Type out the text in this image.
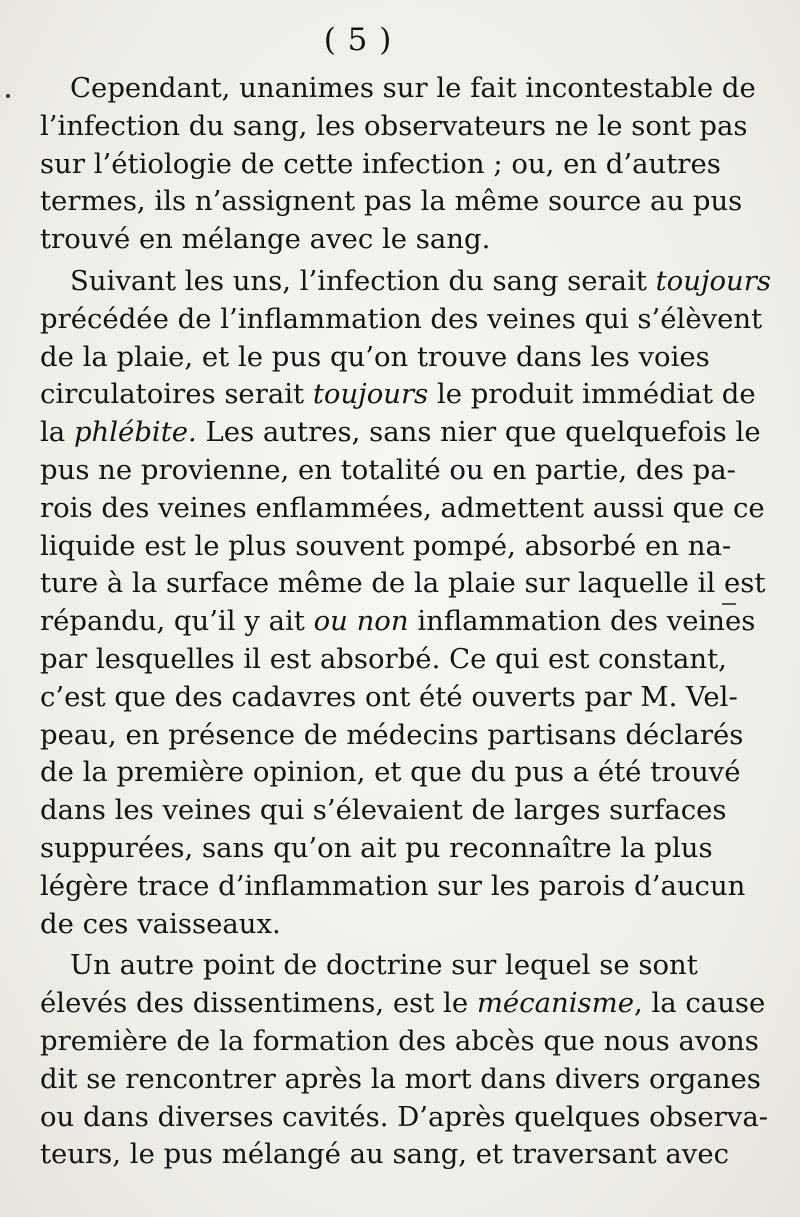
( 5 )
Cependant, unanimes sur le fait incontestable de
l’infection du sang, les observateurs ne le sont pas
sur l’étiologie de cette infection ; ou, en d’autres
termes, ils n’assignent pas la même source au pus
trouvé en mélange avec le sang.
Suivant les uns, l’infection du sang serait toujours
précédée de l’inflammation des veines qui s’élèvent
de la plaie, et le pus qu’on trouve dans les voies
circulatoires serait toujours le produit immédiat de
la phlébite. Les autres, sans nier que quelquefois le
pus ne provienne, en totalité ou en partie, des pa-
rois des veines enflammées, admettent aussi que ce
liquide est le plus souvent pompé, absorbé en na-
ture à la surface même de la plaie sur laquelle il est
répandu, qu’il y ait ou non inflammation des veines
par lesquelles il est absorbé. Ce qui est constant,
c’est que des cadavres ont été ouverts par M. Vel-
peau, en présence de médecins partisans déclarés
de la première opinion, et que du pus a été trouvé
dans les veines qui s’élevaient de larges surfaces
suppurées, sans qu’on ait pu reconnaître la plus
légère trace d’inflammation sur les parois d’aucun
de ces vaisseaux.
Un autre point de doctrine sur lequel se sont
élevés des dissentimens, est le mécanisme, la cause
première de la formation des abcès que nous avons
dit se rencontrer après la mort dans divers organes
ou dans diverses cavités. D’après quelques observa-
teurs, le pus mélangé au sang, et traversant avec
